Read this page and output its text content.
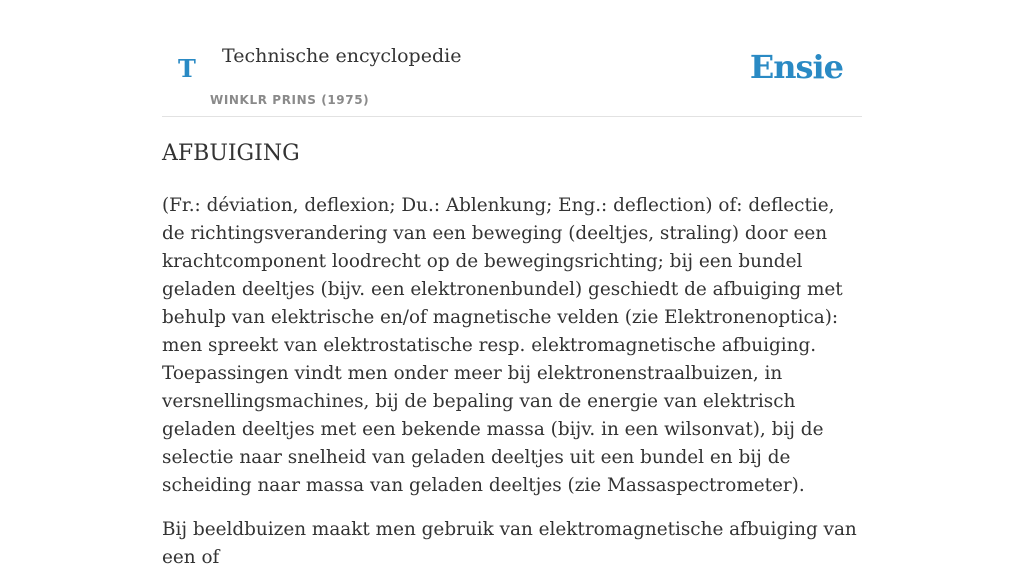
T Technische encyclopedie
WINKLR PRINS (1975)
Ensie
AFBUIGING

(Fr.: déviation, deflexion; Du.: Ablenkung; Eng.: deflection) of: deflectie, de richtingsverandering van een beweging (deeltjes, straling) door een krachtcomponent loodrecht op de bewegingsrichting; bij een bundel geladen deeltjes (bijv. een elektronenbundel) geschiedt de afbuiging met behulp van elektrische en/of magnetische velden (zie Elektronenoptica): men spreekt van elektrostatische resp. elektromagnetische afbuiging. Toepassingen vindt men onder meer bij elektronenstraalbuizen, in versnellingsmachines, bij de bepaling van de energie van elektrisch geladen deeltjes met een bekende massa (bijv. in een wilsonvat), bij de selectie naar snelheid van geladen deeltjes uit een bundel en bij de scheiding naar massa van geladen deeltjes (zie Massaspectrometer).

Bij beeldbuizen maakt men gebruik van elektromagnetische afbuiging van een of
